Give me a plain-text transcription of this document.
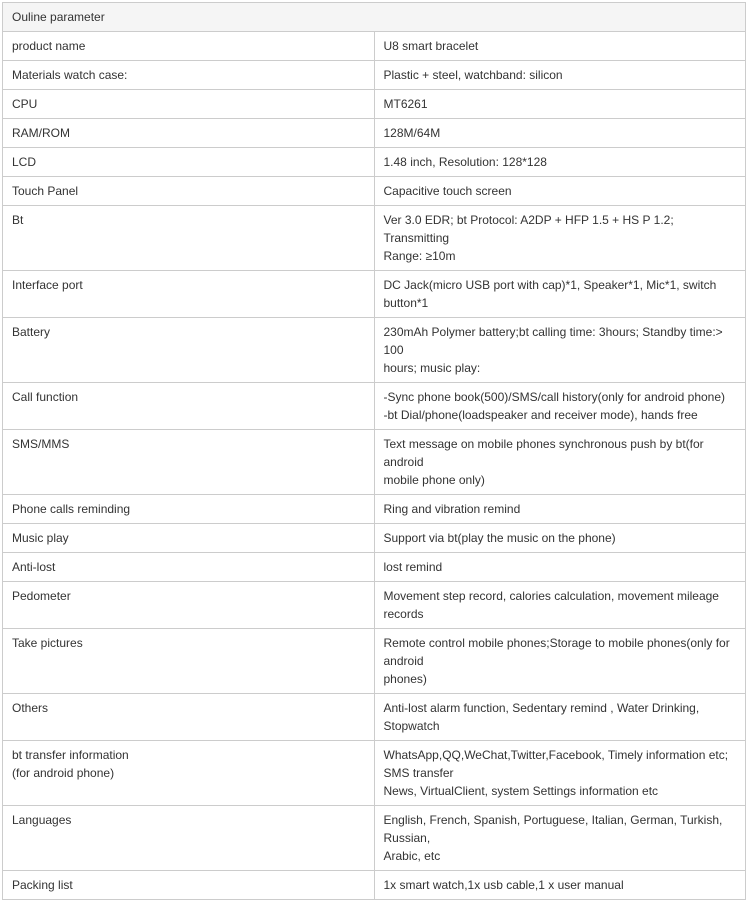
Ouline parameter	

product name	U8 smart bracelet

Materials watch case:	Plastic + steel, watchband: silicon

CPU	MT6261

RAM/ROM	128M/64M

LCD	1.48 inch, Resolution: 128*128

Touch Panel	Capacitive touch screen

Bt	Ver 3.0 EDR; bt Protocol: A2DP + HFP 1.5 + HS P 1.2; Transmitting
Range: ≥10m

Interface port	DC Jack(micro USB port with cap)*1, Speaker*1, Mic*1, switch button*1

Battery	230mAh Polymer battery;bt calling time: 3hours; Standby time:> 100
hours; music play:

Call function	-Sync phone book(500)/SMS/call history(only for android phone)
-bt Dial/phone(loadspeaker and receiver mode), hands free

SMS/MMS	Text message on mobile phones synchronous push by bt(for android
mobile phone only)

Phone calls reminding	Ring and vibration remind

Music play	Support via bt(play the music on the phone)

Anti-lost	lost remind

Pedometer	Movement step record, calories calculation, movement mileage records

Take pictures	Remote control mobile phones;Storage to mobile phones(only for android
phones)

Others	Anti-lost alarm function, Sedentary remind , Water Drinking, Stopwatch

bt transfer information
(for android phone)	WhatsApp,QQ,WeChat,Twitter,Facebook, Timely information etc;
SMS transfer
News, VirtualClient, system Settings information etc

Languages	English, French, Spanish, Portuguese, Italian, German, Turkish, Russian,
Arabic, etc

Packing list	1x smart watch,1x usb cable,1 x user manual
